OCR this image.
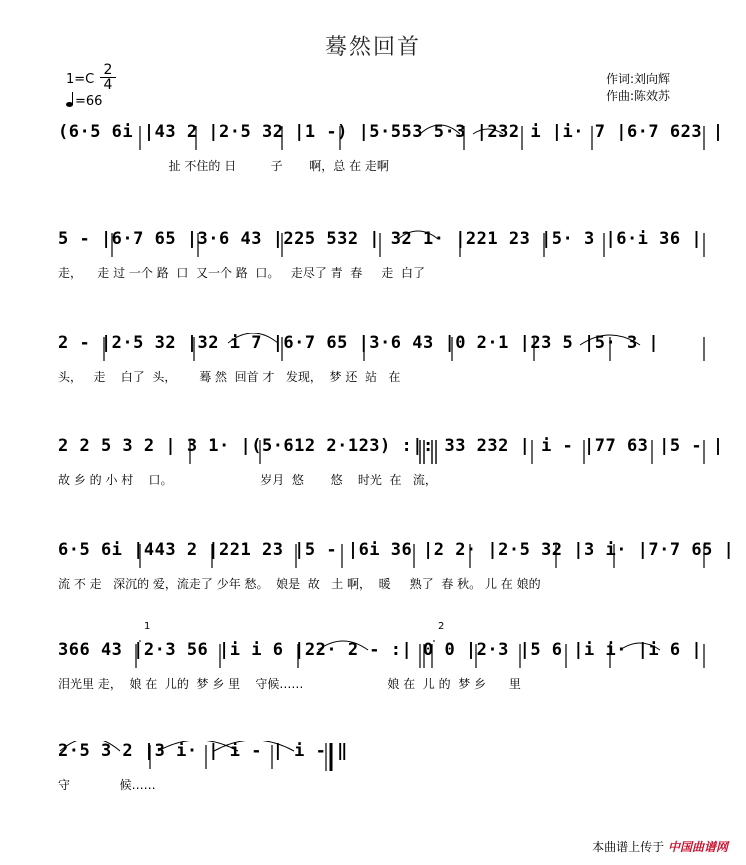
蓦然回首
1=C
2
4
=66
作词:刘向辉
作曲:陈效苏
(6·5 6i |43 2 |2·5 32 |1 -) |5·553 5·3 |232 i |i· 7 |6·7 623 |
扯 不住的 日         子       啊，总 在 走啊
5 - |6·7 65 |3·6 43 |225 532 | 32 1· |221 23 |5· 3 |6·i 36 |
走，    走 过 一个 路  口  又一个 路  口。   走尽了 青  春     走  白了
2 - |2·5 32 |32 i 7 |6·7 65 |3·6 43 |0 2·1 |23 5 |5· 3 |
头，   走    白了  头，      蓦 然  回首 才   发现，  梦 还  站   在
2 2 5 3 2 | 3 1· |(5·612 2·123) :|: 33 232 | i - |77 63 |5 - |
故 乡 的 小 村    口。                       岁月  悠       悠    时光  在   流，
6·5 6i |443 2 |221 23 |5 - |6i 36 |2 2· |2·5 32 |3 i· |7·7 65 |
流 不 走   深沉的 爱，流走了 少年 愁。  娘是  故   土 啊，  暖     熟了  春 秋。 儿 在 娘的
1	2
366 43 |2·3 56 |i i 6 |22· 2 - :| 0 0 |2·3 |5 6 |i i· |i 6 |
泪光里 走，  娘 在  儿的  梦 乡 里    守候……                      娘 在  儿 的  梦 乡      里
2·5 3 2 |3 i· | i - | i - ‖
守             候……
本曲谱上传于 中国曲谱网
